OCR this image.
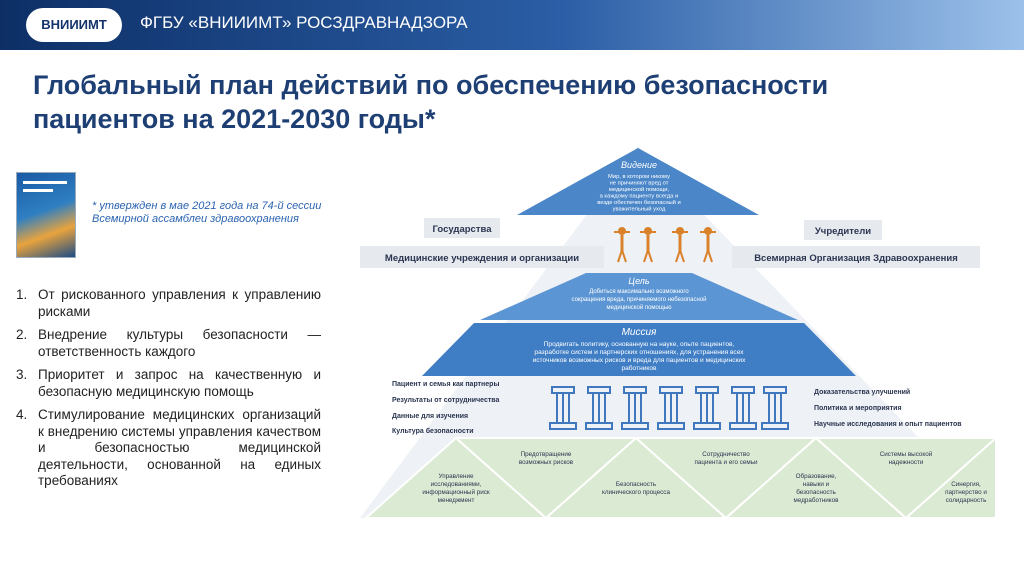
ВНИИИМТ	ФГБУ «ВНИИИМТ» РОСЗДРАВНАДЗОРА
Глобальный план действий по обеспечению безопасности
пациентов на 2021-2030 годы*
* утвержден в мае 2021 года на 74-й сессии
Всемирной ассамблеи здравоохранения
1. От рискованного управления к управлению рисками
2. Внедрение культуры безопасности — ответственность каждого
3. Приоритет и запрос на качественную и безопасную медицинскую помощь
4. Стимулирование медицинских организаций к внедрению системы управления качеством и безопасностью медицинской деятельности, основанной на единых требованиях
Видение
Мир, в котором никому
не причиняют вред от
медицинской помощи,
а каждому пациенту всегда и
везде обеспечен безопасный и
уважительный уход
Государства	Учредители
Медицинские учреждения и организации	Всемирная Организация Здравоохранения
Цель
Добиться максимально возможного
сокращения вреда, причиняемого небезопасной
медицинской помощью
Миссия
Продвигать политику, основанную на науке, опыте пациентов,
разработке систем и партнерских отношениях, для устранения всех
источников возможных рисков и вреда для пациентов и медицинских
работников
Пациент и семья как партнеры
Результаты от сотрудничества
Данные для изучения
Культура безопасности
Доказательства улучшений
Политика и мероприятия
Научные исследования и опыт пациентов
Управление
исследованиями,
информационный риск
менеджмент
Предотвращение
возможных рисков
Безопасность
клинического процесса
Сотрудничество
пациента и его семьи
Образование,
навыки и
безопасность
медработников
Системы высокой
надежности
Синергия,
партнерство и
солидарность
